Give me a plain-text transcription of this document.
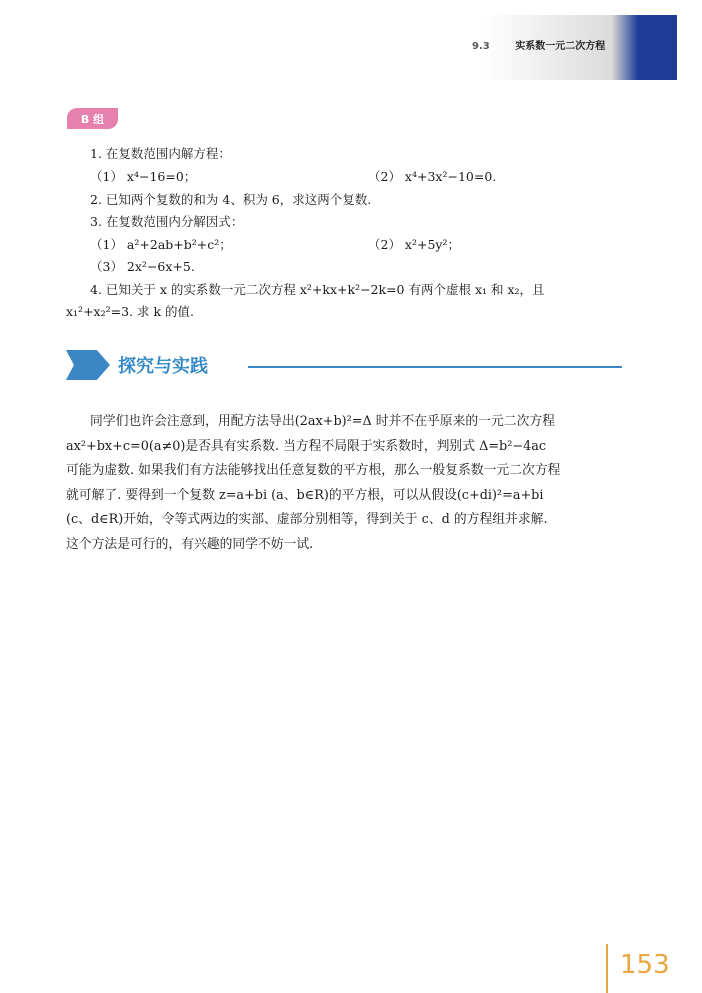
9.3	实系数一元二次方程
B 组
1. 在复数范围内解方程：
（1） x⁴−16=0；	（2） x⁴+3x²−10=0.
2. 已知两个复数的和为 4、积为 6，求这两个复数.
3. 在复数范围内分解因式：
（1） a²+2ab+b²+c²；	（2） x²+5y²；
（3） 2x²−6x+5.
4. 已知关于 x 的实系数一元二次方程 x²+kx+k²−2k=0 有两个虚根 x₁ 和 x₂，且
x₁²+x₂²=3. 求 k 的值.
探究与实践

同学们也许会注意到，用配方法导出(2ax+b)²=Δ 时并不在乎原来的一元二次方程

ax²+bx+c=0(a≠0)是否具有实系数. 当方程不局限于实系数时，判别式 Δ=b²−4ac

可能为虚数. 如果我们有方法能够找出任意复数的平方根，那么一般复系数一元二次方程

就可解了. 要得到一个复数 z=a+bi (a、b∈R)的平方根，可以从假设(c+di)²=a+bi

(c、d∈R)开始，令等式两边的实部、虚部分别相等，得到关于 c、d 的方程组并求解.

这个方法是可行的，有兴趣的同学不妨一试.

153
